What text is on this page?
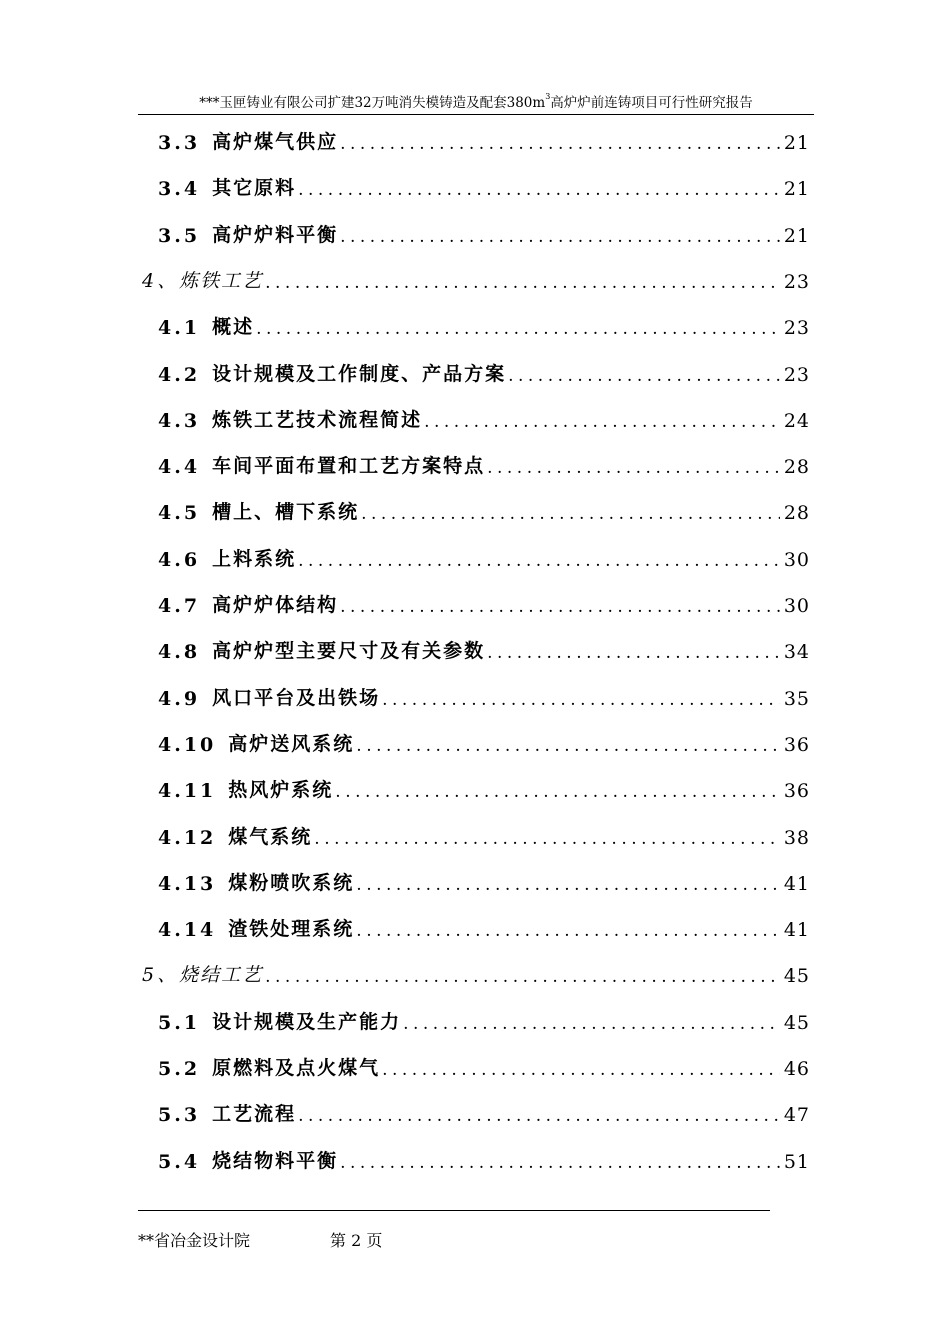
***玉匣铸业有限公司扩建32万吨消失模铸造及配套$380m^3$高炉炉前连铸项目可行性研究报告
3.3 高炉煤气供应 .....	21
3.4 其它原料 .....	21
3.5 高炉炉料平衡 .....	21
4、 炼铁工艺 .....	23
4.1 概述 .....	23
4.2 设计规模及工作制度、产品方案 .....	23
4.3 炼铁工艺技术流程简述 .....	24
4.4 车间平面布置和工艺方案特点 .....	28
4.5 槽上、槽下系统 .....	28
4.6 上料系统 .....	30
4.7 高炉炉体结构 .....	30
4.8 高炉炉型主要尺寸及有关参数 .....	34
4.9 风口平台及出铁场 .....	35
4.10 高炉送风系统 .....	36
4.11 热风炉系统 .....	36
4.12 煤气系统 .....	38
4.13 煤粉喷吹系统 .....	41
4.14 渣铁处理系统 .....	41
5、 烧结工艺 .....	45
5.1 设计规模及生产能力 .....	45
5.2 原燃料及点火煤气 .....	46
5.3 工艺流程 .....	47
5.4 烧结物料平衡 .....	51
**省冶金设计院	第 2 页
